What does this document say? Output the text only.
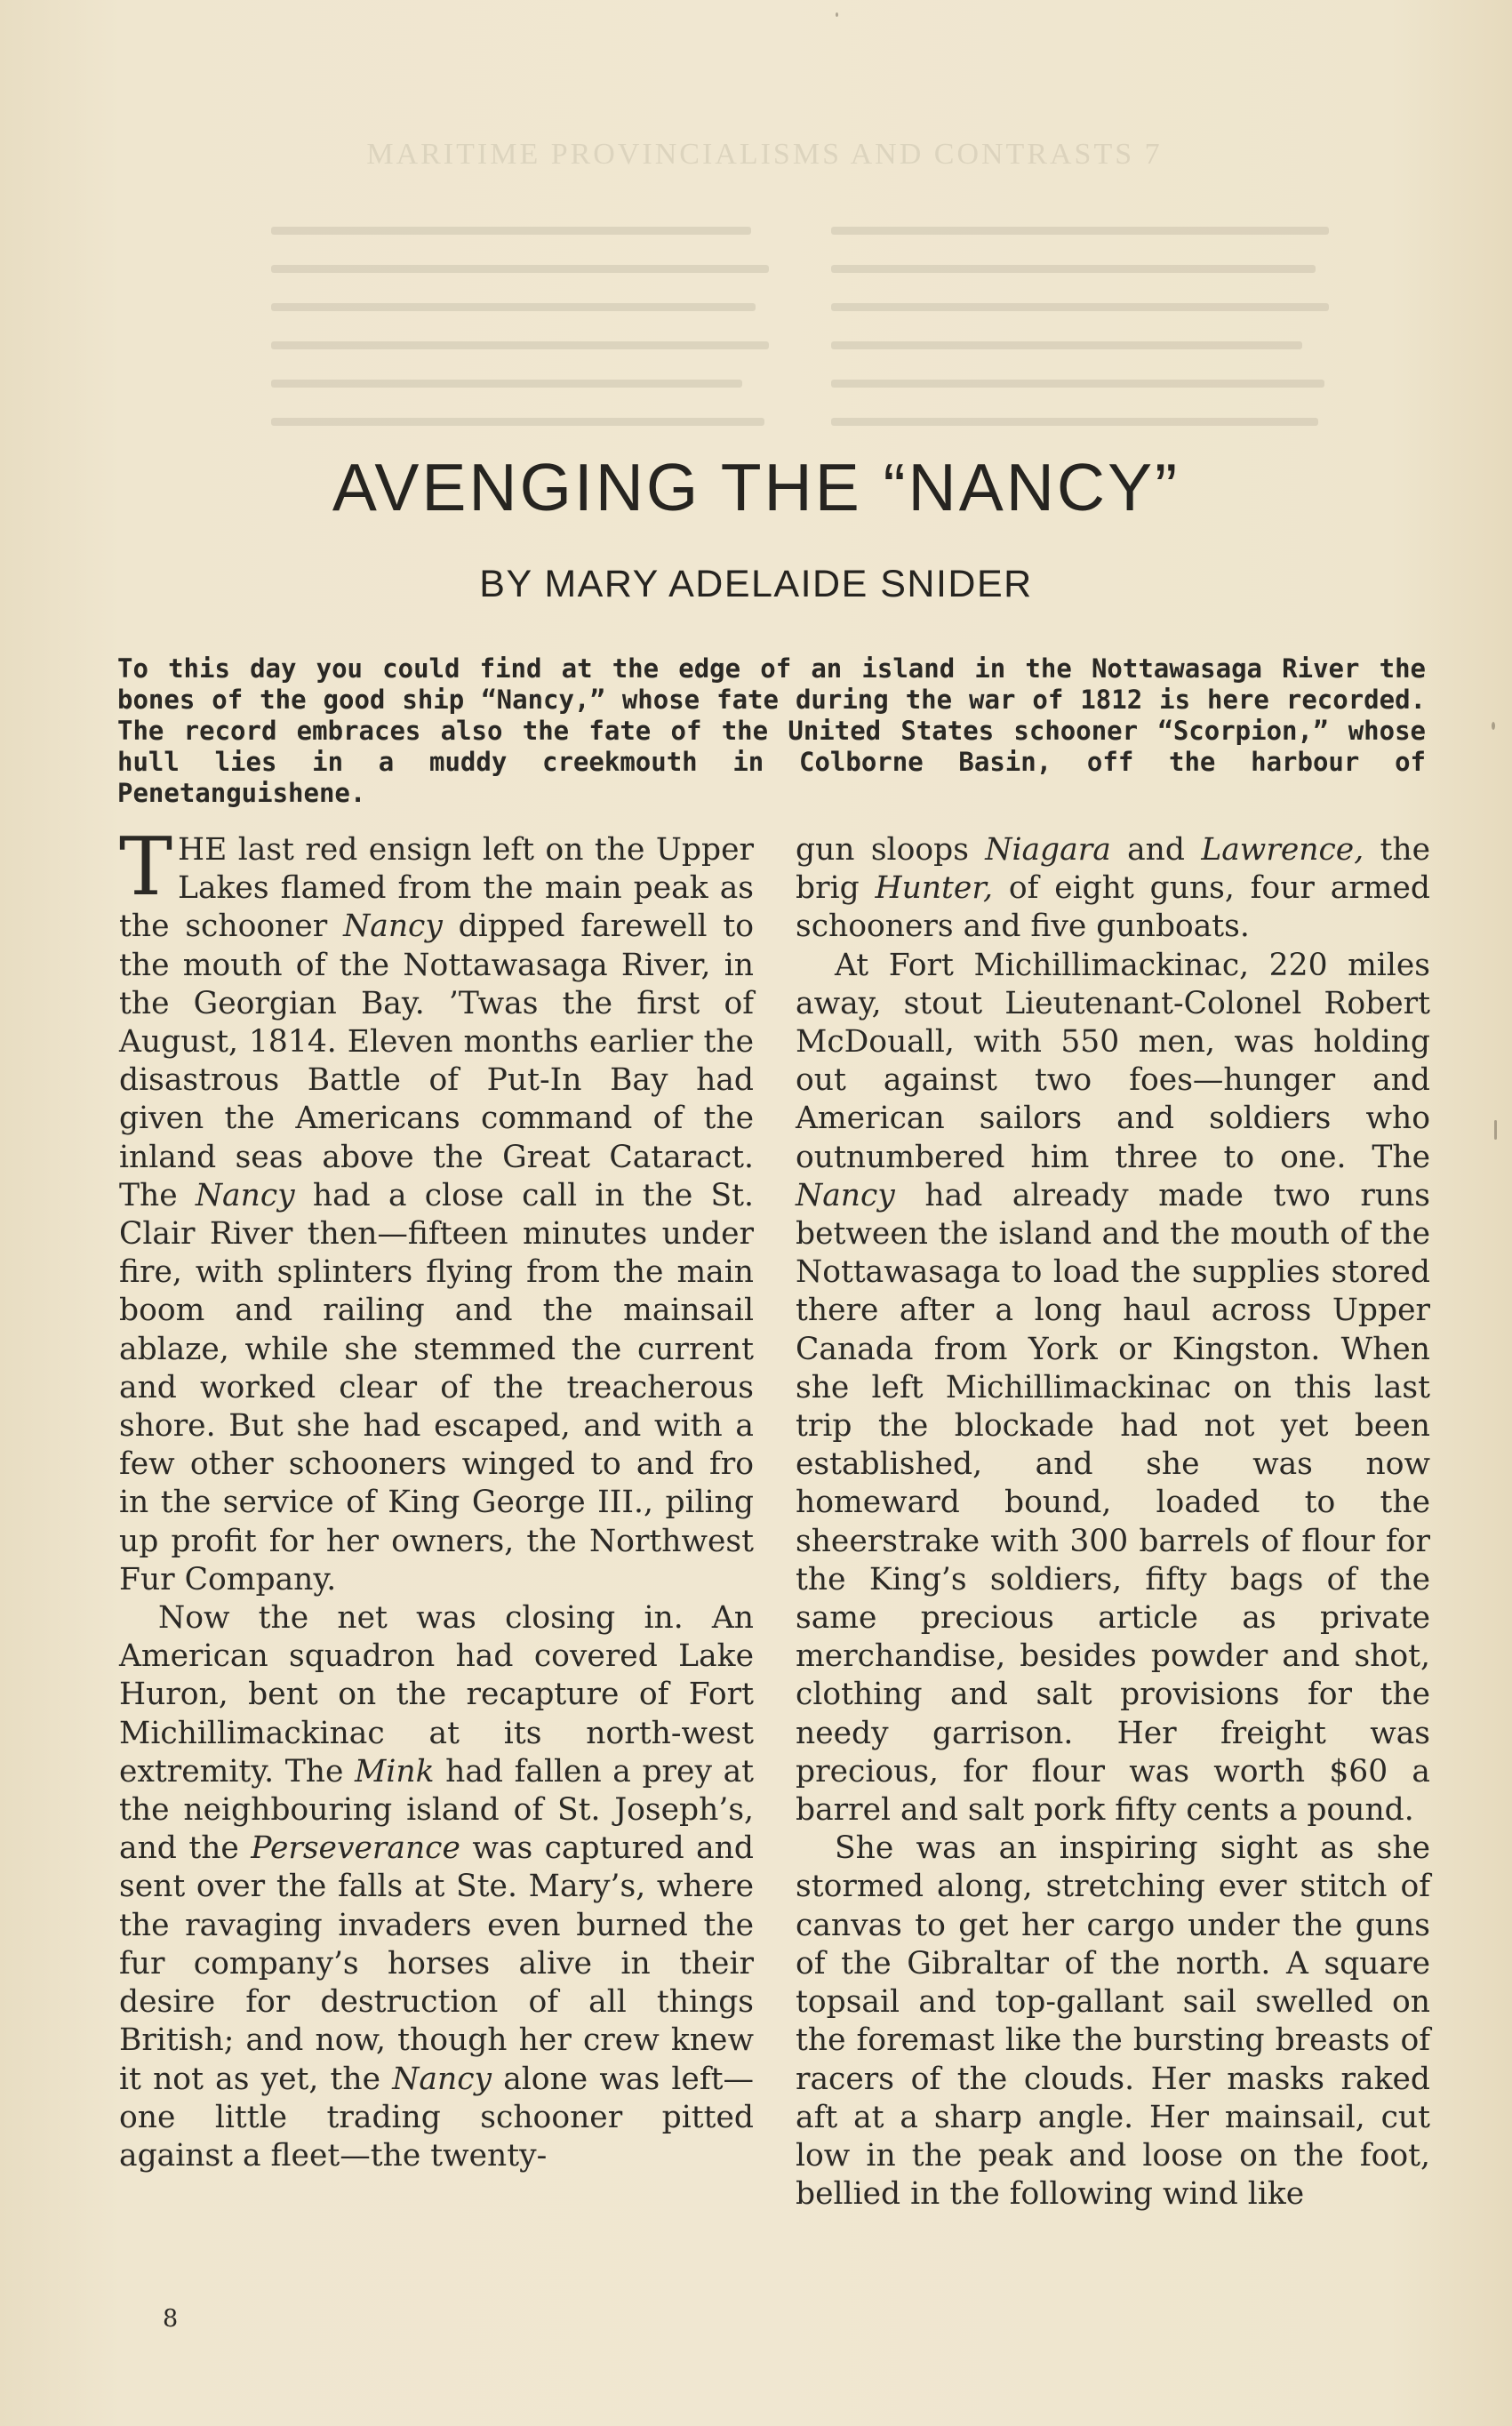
MARITIME PROVINCIALISMS AND CONTRASTS 7
AVENGING THE “NANCY”
BY MARY ADELAIDE SNIDER

To this day you could find at the edge of an island in the Nottawasaga River the bones of the good ship “Nancy,” whose fate during the war of 1812 is here recorded. The record embraces also the fate of the United States schooner “Scorpion,” whose hull lies in a muddy creekmouth in Colborne Basin, off the harbour of Penetanguishene.

THE last red ensign left on the Upper Lakes flamed from the main peak as the schooner Nancy dipped farewell to the mouth of the Nottawasaga River, in the Georgian Bay. ’Twas the first of August, 1814. Eleven months earlier the disastrous Battle of Put-In Bay had given the Americans command of the inland seas above the Great Cataract. The Nancy had a close call in the St. Clair River then—fifteen minutes under fire, with splinters flying from the main boom and railing and the mainsail ablaze, while she stemmed the current and worked clear of the treacherous shore. But she had escaped, and with a few other schooners winged to and fro in the service of King George III., piling up profit for her owners, the Northwest Fur Company.

Now the net was closing in. An American squadron had covered Lake Huron, bent on the recapture of Fort Michillimackinac at its north-west extremity. The Mink had fallen a prey at the neighbouring island of St. Joseph’s, and the Perseverance was captured and sent over the falls at Ste. Mary’s, where the ravaging invaders even burned the fur company’s horses alive in their desire for destruction of all things British; and now, though her crew knew it not as yet, the Nancy alone was left—one little trading schooner pitted against a fleet—the twenty-

gun sloops Niagara and Lawrence, the brig Hunter, of eight guns, four armed schooners and five gunboats.

At Fort Michillimackinac, 220 miles away, stout Lieutenant-Colonel Robert McDouall, with 550 men, was holding out against two foes—hunger and American sailors and soldiers who outnumbered him three to one. The Nancy had already made two runs between the island and the mouth of the Nottawasaga to load the supplies stored there after a long haul across Upper Canada from York or Kingston. When she left Michillimackinac on this last trip the blockade had not yet been established, and she was now homeward bound, loaded to the sheerstrake with 300 barrels of flour for the King’s soldiers, fifty bags of the same precious article as private merchandise, besides powder and shot, clothing and salt provisions for the needy garrison. Her freight was precious, for flour was worth $60 a barrel and salt pork fifty cents a pound.

She was an inspiring sight as she stormed along, stretching ever stitch of canvas to get her cargo under the guns of the Gibraltar of the north. A square topsail and top-gallant sail swelled on the foremast like the bursting breasts of racers of the clouds. Her masks raked aft at a sharp angle. Her mainsail, cut low in the peak and loose on the foot, bellied in the following wind like

8
